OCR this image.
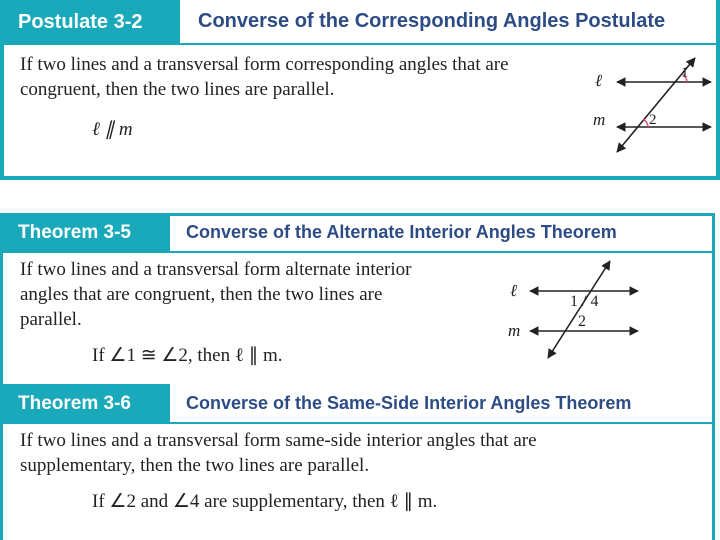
Postulate 3-2	Converse of the Corresponding Angles Postulate
If two lines and a transversal form corresponding angles that are congruent, then the two lines are parallel.
ℓ ∥ m
ℓ
m
1
2
Theorem 3-5	Converse of the Alternate Interior Angles Theorem
If two lines and a transversal form alternate interior angles that are congruent, then the two lines are parallel.
If ∠1 ≅ ∠2, then ℓ ∥ m.
ℓ
m
1 / 4
2
Theorem 3-6	Converse of the Same-Side Interior Angles Theorem
If two lines and a transversal form same-side interior angles that are supplementary, then the two lines are parallel.
If ∠2 and ∠4 are supplementary, then ℓ ∥ m.
